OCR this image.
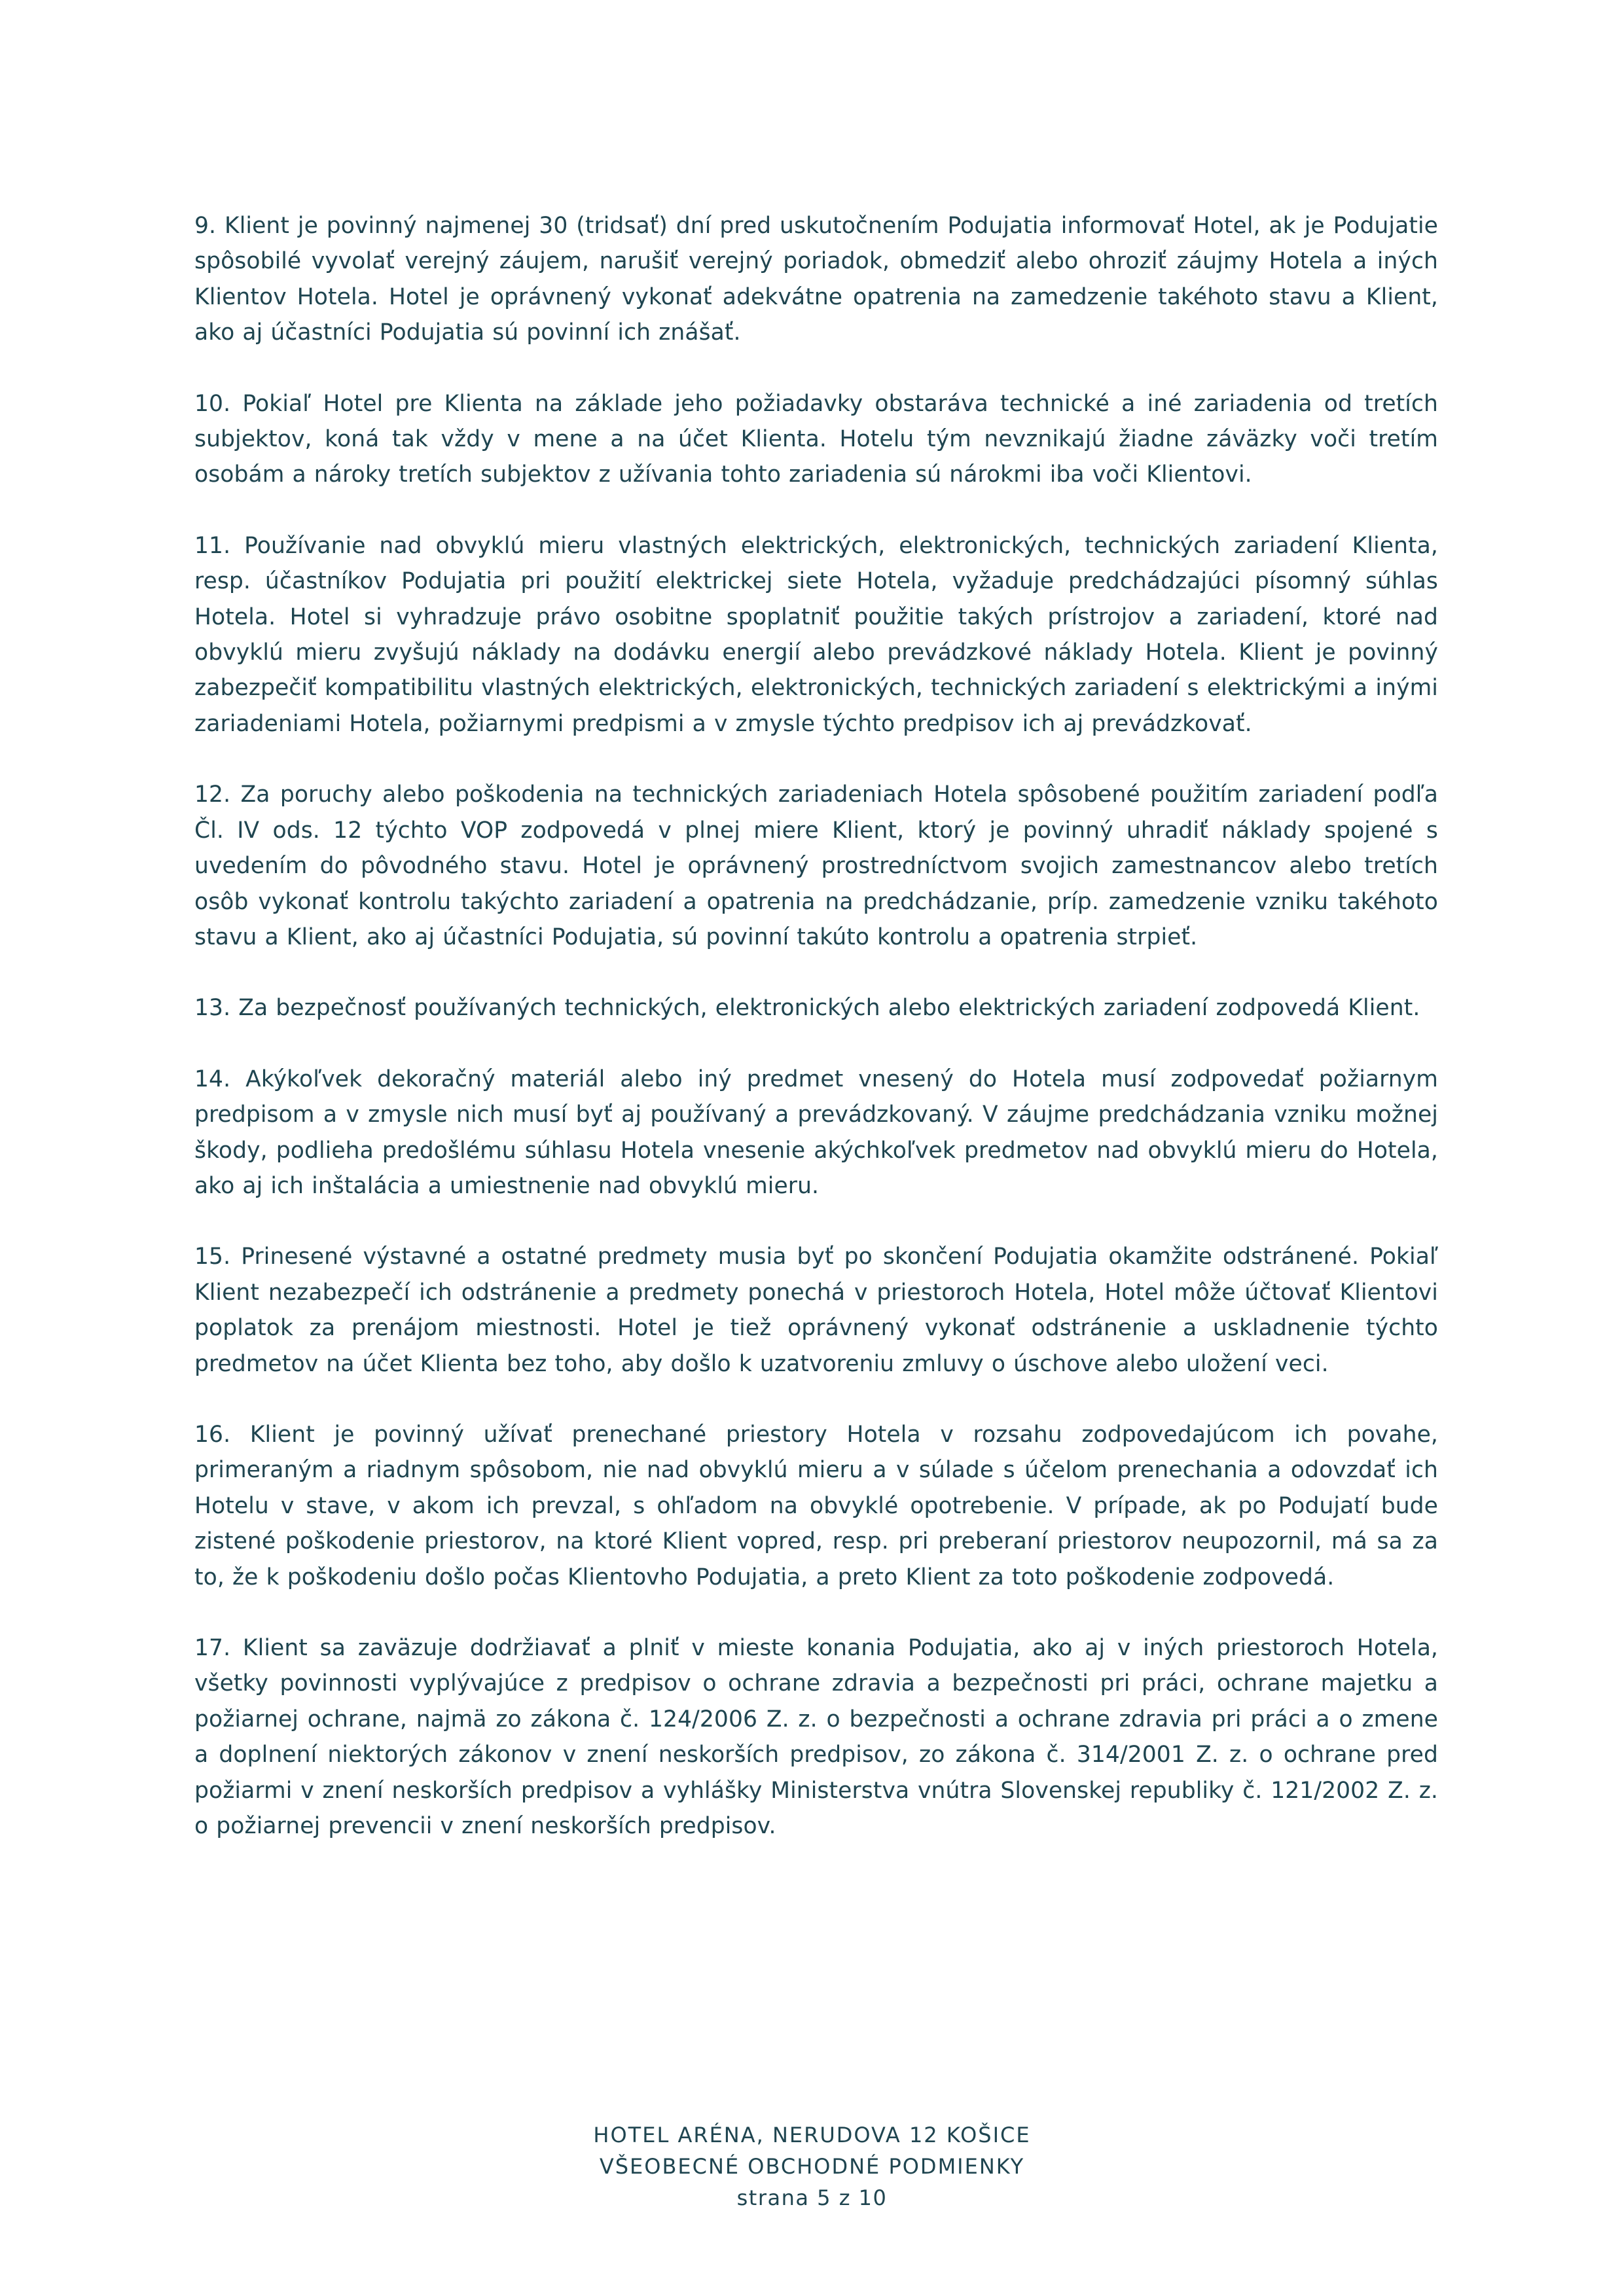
9. Klient je povinný najmenej 30 (tridsať) dní pred uskutočnením Podujatia informovať Hotel, ak je Podujatie spôsobilé vyvolať verejný záujem, narušiť verejný poriadok, obmedziť alebo ohroziť záujmy Hotela a iných Klientov Hotela. Hotel je oprávnený vykonať adekvátne opatrenia na zamedzenie takéhoto stavu a Klient, ako aj účastníci Podujatia sú povinní ich znášať.

10. Pokiaľ Hotel pre Klienta na základe jeho požiadavky obstaráva technické a iné zariadenia od tretích subjektov, koná tak vždy v mene a na účet Klienta. Hotelu tým nevznikajú žiadne záväzky voči tretím osobám a nároky tretích subjektov z užívania tohto zariadenia sú nárokmi iba voči Klientovi.

11. Používanie nad obvyklú mieru vlastných elektrických, elektronických, technických zariadení Klienta, resp. účastníkov Podujatia pri použití elektrickej siete Hotela, vyžaduje predchádzajúci písomný súhlas Hotela. Hotel si vyhradzuje právo osobitne spoplatniť použitie takých prístrojov a zariadení, ktoré nad obvyklú mieru zvyšujú náklady na dodávku energií alebo prevádzkové náklady Hotela. Klient je povinný zabezpečiť kompatibilitu vlastných elektrických, elektronických, technických zariadení s elektrickými a inými zariadeniami Hotela, požiarnymi predpismi a v zmysle týchto predpisov ich aj prevádzkovať.

12. Za poruchy alebo poškodenia na technických zariadeniach Hotela spôsobené použitím zariadení podľa Čl. IV ods. 12 týchto VOP zodpovedá v plnej miere Klient, ktorý je povinný uhradiť náklady spojené s uvedením do pôvodného stavu. Hotel je oprávnený prostredníctvom svojich zamestnancov alebo tretích osôb vykonať kontrolu takýchto zariadení a opatrenia na predchádzanie, príp. zamedzenie vzniku takéhoto stavu a Klient, ako aj účastníci Podujatia, sú povinní takúto kontrolu a opatrenia strpieť.

13. Za bezpečnosť používaných technických, elektronických alebo elektrických zariadení zodpovedá Klient.

14. Akýkoľvek dekoračný materiál alebo iný predmet vnesený do Hotela musí zodpovedať požiarnym predpisom a v zmysle nich musí byť aj používaný a prevádzkovaný. V záujme predchádzania vzniku možnej škody, podlieha predošlému súhlasu Hotela vnesenie akýchkoľvek predmetov nad obvyklú mieru do Hotela, ako aj ich inštalácia a umiestnenie nad obvyklú mieru.

15. Prinesené výstavné a ostatné predmety musia byť po skončení Podujatia okamžite odstránené. Pokiaľ Klient nezabezpečí ich odstránenie a predmety ponechá v priestoroch Hotela, Hotel môže účtovať Klientovi poplatok za prenájom miestnosti. Hotel je tiež oprávnený vykonať odstránenie a uskladnenie týchto predmetov na účet Klienta bez toho, aby došlo k uzatvoreniu zmluvy o úschove alebo uložení veci.

16. Klient je povinný užívať prenechané priestory Hotela v rozsahu zodpovedajúcom ich povahe, primeraným a riadnym spôsobom, nie nad obvyklú mieru a v súlade s účelom prenechania a odovzdať ich Hotelu v stave, v akom ich prevzal, s ohľadom na obvyklé opotrebenie. V prípade, ak po Podujatí bude zistené poškodenie priestorov, na ktoré Klient vopred, resp. pri preberaní priestorov neupozornil, má sa za to, že k poškodeniu došlo počas Klientovho Podujatia, a preto Klient za toto poškodenie zodpovedá.

17. Klient sa zaväzuje dodržiavať a plniť v mieste konania Podujatia, ako aj v iných priestoroch Hotela, všetky povinnosti vyplývajúce z predpisov o ochrane zdravia a bezpečnosti pri práci, ochrane majetku a požiarnej ochrane, najmä zo zákona č. 124/2006 Z. z. o bezpečnosti a ochrane zdravia pri práci a o zmene a doplnení niektorých zákonov v znení neskorších predpisov, zo zákona č. 314/2001 Z. z. o ochrane pred požiarmi v znení neskorších predpisov a vyhlášky Ministerstva vnútra Slovenskej republiky č. 121/2002 Z. z. o požiarnej prevencii v znení neskorších predpisov.

HOTEL ARÉNA, NERUDOVA 12 KOŠICE
VŠEOBECNÉ OBCHODNÉ PODMIENKY
strana 5 z 10
